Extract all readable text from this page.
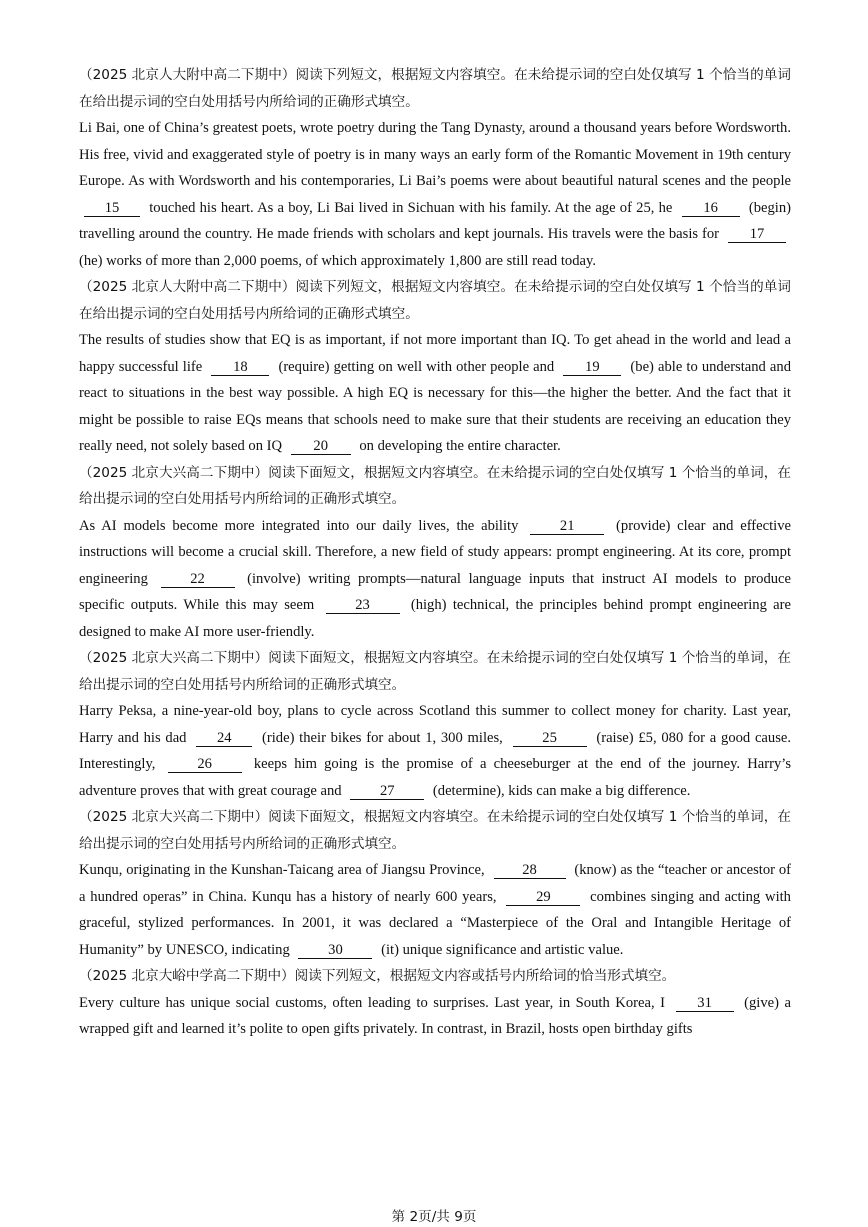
（2025 北京人大附中高二下期中）阅读下列短文，根据短文内容填空。在未给提示词的空白处仅填写 1 个恰当的单词在给出提示词的空白处用括号内所给词的正确形式填空。

Li Bai, one of China’s greatest poets, wrote poetry during the Tang Dynasty, around a thousand years before Wordsworth. His free, vivid and exaggerated style of poetry is in many ways an early form of the Romantic Movement in 19th century Europe. As with Wordsworth and his contemporaries, Li Bai’s poems were about beautiful natural scenes and the people 15 touched his heart. As a boy, Li Bai lived in Sichuan with his family. At the age of 25, he 16 (begin) travelling around the country. He made friends with scholars and kept journals. His travels were the basis for 17 (he) works of more than 2,000 poems, of which approximately 1,800 are still read today.

（2025 北京人大附中高二下期中）阅读下列短文，根据短文内容填空。在未给提示词的空白处仅填写 1 个恰当的单词在给出提示词的空白处用括号内所给词的正确形式填空。

The results of studies show that EQ is as important, if not more important than IQ. To get ahead in the world and lead a happy successful life 18 (require) getting on well with other people and 19 (be) able to understand and react to situations in the best way possible. A high EQ is necessary for this—the higher the better. And the fact that it might be possible to raise EQs means that schools need to make sure that their students are receiving an education they really need, not solely based on IQ 20 on developing the entire character.

（2025 北京大兴高二下期中）阅读下面短文，根据短文内容填空。在未给提示词的空白处仅填写 1 个恰当的单词，在给出提示词的空白处用括号内所给词的正确形式填空。

As AI models become more integrated into our daily lives, the ability	21	(provide) clear and effective instructions will become a crucial skill. Therefore, a new field of study appears: prompt engineering. At its core, prompt engineering	22	(involve) writing prompts—natural language inputs that instruct AI models to produce specific outputs. While this may seem	23	(high) technical, the principles behind prompt engineering are designed to make AI more user-friendly.

（2025 北京大兴高二下期中）阅读下面短文，根据短文内容填空。在未给提示词的空白处仅填写 1 个恰当的单词，在给出提示词的空白处用括号内所给词的正确形式填空。

Harry Peksa, a nine-year-old boy, plans to cycle across Scotland this summer to collect money for charity. Last year, Harry and his dad 24 (ride) their bikes for about 1, 300 miles,	25	(raise) £5, 080 for a good cause. Interestingly,	26	keeps him going is the promise of a cheeseburger at the end of the journey. Harry’s adventure proves that with great courage and	27	(determine), kids can make a big difference.

（2025 北京大兴高二下期中）阅读下面短文，根据短文内容填空。在未给提示词的空白处仅填写 1 个恰当的单词，在给出提示词的空白处用括号内所给词的正确形式填空。

Kunqu, originating in the Kunshan-Taicang area of Jiangsu Province,	28	(know) as the “teacher or ancestor of a hundred operas” in China. Kunqu has a history of nearly 600 years,	29	combines singing and acting with graceful, stylized performances. In 2001, it was declared a “Masterpiece of the Oral and Intangible Heritage of Humanity” by UNESCO, indicating	30	(it) unique significance and artistic value.

（2025 北京大峪中学高二下期中）阅读下列短文，根据短文内容或括号内所给词的恰当形式填空。

Every culture has unique social customs, often leading to surprises. Last year, in South Korea, I 31 (give) a wrapped gift and learned it’s polite to open gifts privately. In contrast, in Brazil, hosts open birthday gifts

第 2页/共 9页
